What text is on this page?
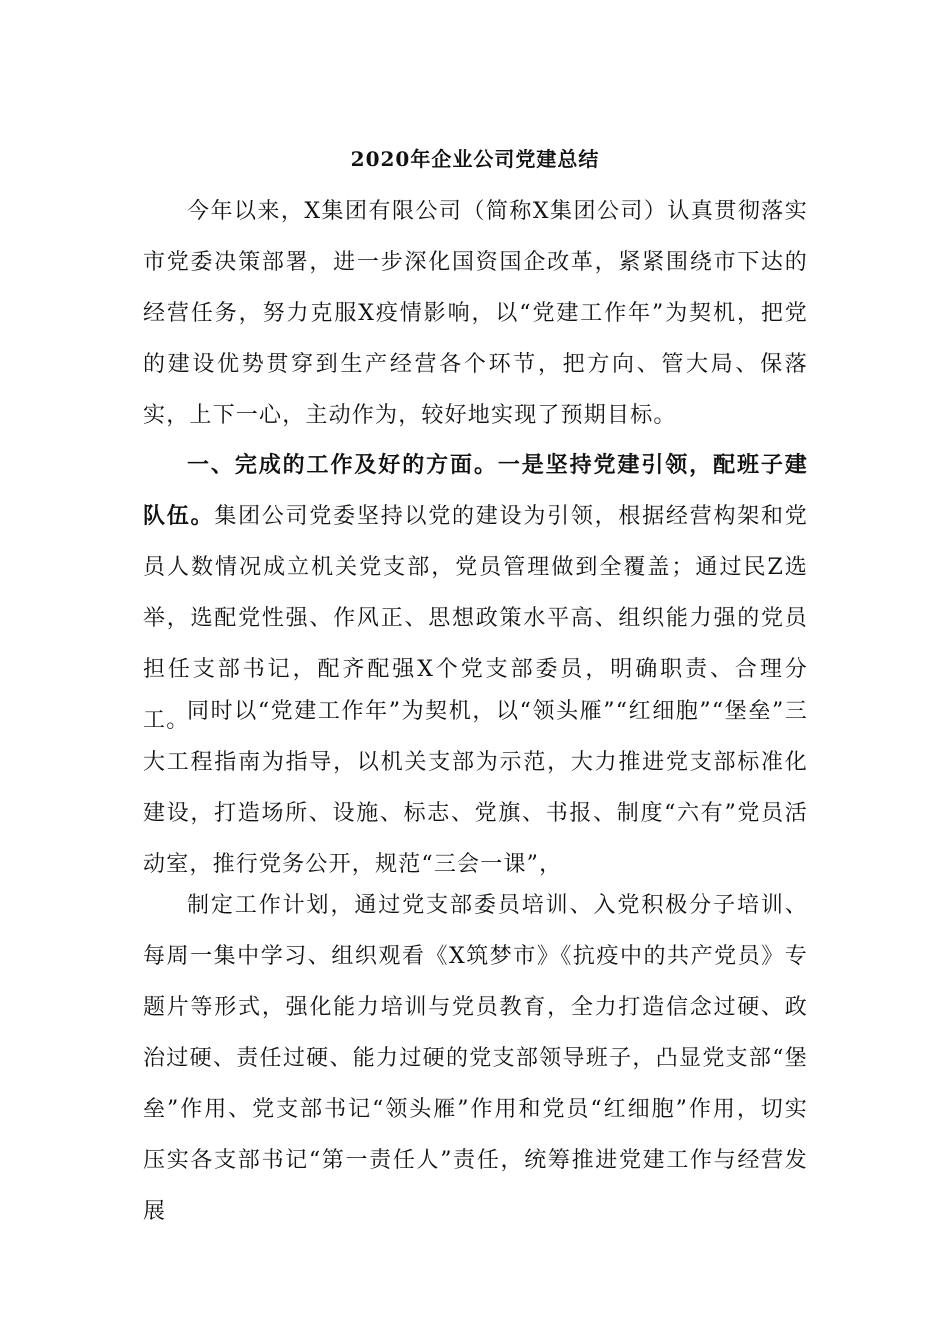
2020年企业公司党建总结
今年以来，X集团有限公司（简称X集团公司）认真贯彻落实市党委决策部署，进一步深化国资国企改革，紧紧围绕市下达的经营任务，努力克服X疫情影响，以“党建工作年”为契机，把党的建设优势贯穿到生产经营各个环节，把方向、管大局、保落实，上下一心，主动作为，较好地实现了预期目标。
一、完成的工作及好的方面。一是坚持党建引领，配班子建队伍。集团公司党委坚持以党的建设为引领，根据经营构架和党员人数情况成立机关党支部，党员管理做到全覆盖；通过民Z选举，选配党性强、作风正、思想政策水平高、组织能力强的党员担任支部书记，配齐配强X个党支部委员，明确职责、合理分工。
同时以“党建工作年”为契机，以“领头雁”“红细胞”“堡垒”三大工程指南为指导，以机关支部为示范，大力推进党支部标准化建设，打造场所、设施、标志、党旗、书报、制度“六有”党员活动室，推行党务公开，规范“三会一课”，
制定工作计划，通过党支部委员培训、入党积极分子培训、每周一集中学习、组织观看《X筑梦市》《抗疫中的共产党员》专题片等形式，强化能力培训与党员教育，全力打造信念过硬、政治过硬、责任过硬、能力过硬的党支部领导班子，凸显党支部“堡垒”作用、党支部书记“领头雁”作用和党员“红细胞”作用，切实压实各支部书记“第一责任人”责任，统筹推进党建工作与经营发展
